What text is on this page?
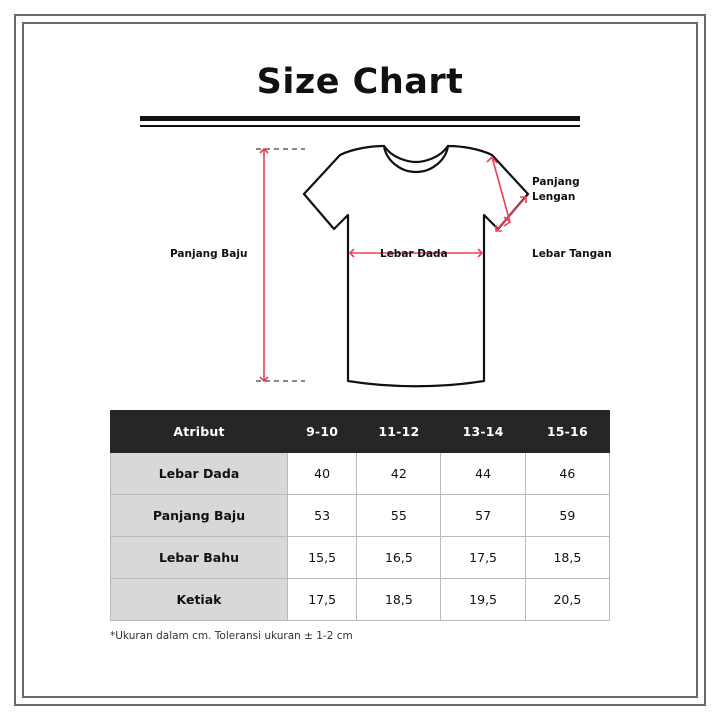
Size Chart
Panjang
Lengan
Lebar Tangan
Lebar Dada
Panjang Baju
Atribut	9-10	11-12	13-14	15-16
Lebar Dada	40	42	44	46
Panjang Baju	53	55	57	59
Lebar Bahu	15,5	16,5	17,5	18,5
Ketiak	17,5	18,5	19,5	20,5
*Ukuran dalam cm. Toleransi ukuran ± 1-2 cm
